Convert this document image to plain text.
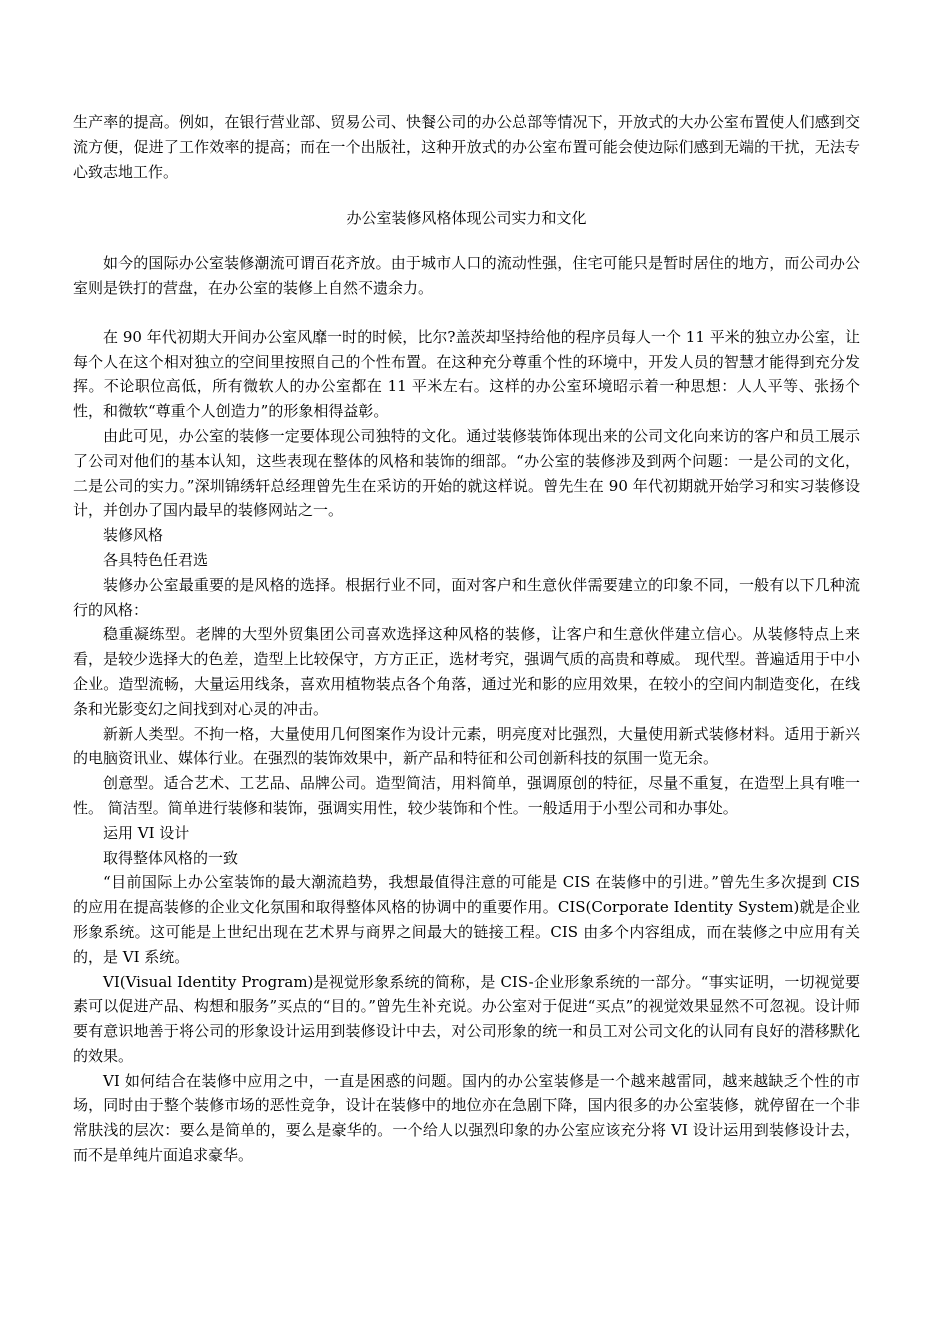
生产率的提高。例如，在银行营业部、贸易公司、快餐公司的办公总部等情况下，开放式的大办公室布置使人们感到交流方便，促进了工作效率的提高；而在一个出版社，这种开放式的办公室布置可能会使边际们感到无端的干扰，无法专心致志地工作。

办公室装修风格体现公司实力和文化

如今的国际办公室装修潮流可谓百花齐放。由于城市人口的流动性强，住宅可能只是暂时居住的地方，而公司办公室则是铁打的营盘，在办公室的装修上自然不遗余力。

在 90 年代初期大开间办公室风靡一时的时候，比尔?盖茨却坚持给他的程序员每人一个 11 平米的独立办公室，让每个人在这个相对独立的空间里按照自己的个性布置。在这种充分尊重个性的环境中，开发人员的智慧才能得到充分发挥。不论职位高低，所有微软人的办公室都在 11 平米左右。这样的办公室环境昭示着一种思想：人人平等、张扬个性，和微软“尊重个人创造力”的形象相得益彰。

由此可见，办公室的装修一定要体现公司独特的文化。通过装修装饰体现出来的公司文化向来访的客户和员工展示了公司对他们的基本认知，这些表现在整体的风格和装饰的细部。“办公室的装修涉及到两个问题：一是公司的文化，二是公司的实力。”深圳锦绣轩总经理曾先生在采访的开始的就这样说。曾先生在 90 年代初期就开始学习和实习装修设计，并创办了国内最早的装修网站之一。

装修风格

各具特色任君选

装修办公室最重要的是风格的选择。根据行业不同，面对客户和生意伙伴需要建立的印象不同，一般有以下几种流行的风格：

稳重凝练型。老牌的大型外贸集团公司喜欢选择这种风格的装修，让客户和生意伙伴建立信心。从装修特点上来看，是较少选择大的色差，造型上比较保守，方方正正，选材考究，强调气质的高贵和尊威。 现代型。普遍适用于中小企业。造型流畅，大量运用线条，喜欢用植物装点各个角落，通过光和影的应用效果，在较小的空间内制造变化，在线条和光影变幻之间找到对心灵的冲击。

新新人类型。不拘一格，大量使用几何图案作为设计元素，明亮度对比强烈，大量使用新式装修材料。适用于新兴的电脑资讯业、媒体行业。在强烈的装饰效果中，新产品和特征和公司创新科技的氛围一览无余。

创意型。适合艺术、工艺品、品牌公司。造型简洁，用料简单，强调原创的特征，尽量不重复，在造型上具有唯一性。 简洁型。简单进行装修和装饰，强调实用性，较少装饰和个性。一般适用于小型公司和办事处。

运用 VI 设计

取得整体风格的一致

“目前国际上办公室装饰的最大潮流趋势，我想最值得注意的可能是 CIS 在装修中的引进。”曾先生多次提到 CIS 的应用在提高装修的企业文化氛围和取得整体风格的协调中的重要作用。CIS(Corporate Identity System)就是企业形象系统。这可能是上世纪出现在艺术界与商界之间最大的链接工程。CIS 由多个内容组成，而在装修之中应用有关的，是 VI 系统。

VI(Visual Identity Program)是视觉形象系统的简称，是 CIS-企业形象系统的一部分。“事实证明，一切视觉要素可以促进产品、构想和服务”买点的“目的。”曾先生补充说。办公室对于促进“买点”的视觉效果显然不可忽视。设计师要有意识地善于将公司的形象设计运用到装修设计中去，对公司形象的统一和员工对公司文化的认同有良好的潜移默化的效果。

VI 如何结合在装修中应用之中，一直是困惑的问题。国内的办公室装修是一个越来越雷同，越来越缺乏个性的市场，同时由于整个装修市场的恶性竞争，设计在装修中的地位亦在急剧下降，国内很多的办公室装修，就停留在一个非常肤浅的层次：要么是简单的，要么是豪华的。一个给人以强烈印象的办公室应该充分将 VI 设计运用到装修设计去，而不是单纯片面追求豪华。
